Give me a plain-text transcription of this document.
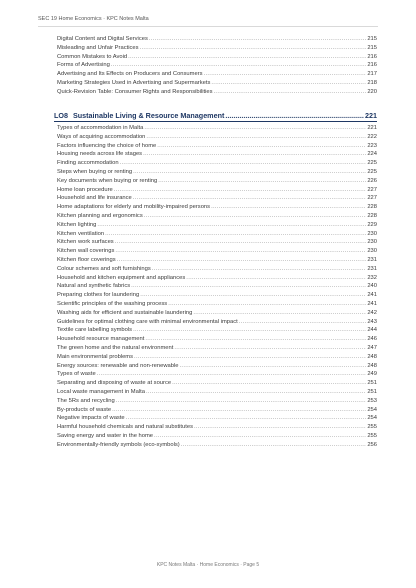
SEC 19 Home Economics · KPC Notes Malta
Digital Content and Digital Services .....	215
Misleading and Unfair Practices .....	215
Common Mistakes to Avoid .....	216
Forms of Advertising .....	216
Advertising and Its Effects on Producers and Consumers .....	217
Marketing Strategies Used in Advertising and Supermarkets .....	218
Quick-Revision Table: Consumer Rights and Responsibilities .....	220
LO8 Sustainable Living & Resource Management .....	221
Types of accommodation in Malta .....	221
Ways of acquiring accommodation .....	222
Factors influencing the choice of home .....	223
Housing needs across life stages .....	224
Finding accommodation .....	225
Steps when buying or renting .....	225
Key documents when buying or renting .....	226
Home loan procedure .....	227
Household and life insurance .....	227
Home adaptations for elderly and mobility-impaired persons .....	228
Kitchen planning and ergonomics .....	228
Kitchen lighting .....	229
Kitchen ventilation .....	230
Kitchen work surfaces .....	230
Kitchen wall coverings .....	230
Kitchen floor coverings .....	231
Colour schemes and soft furnishings .....	231
Household and kitchen equipment and appliances .....	232
Natural and synthetic fabrics .....	240
Preparing clothes for laundering .....	241
Scientific principles of the washing process .....	241
Washing aids for efficient and sustainable laundering .....	242
Guidelines for optimal clothing care with minimal environmental impact .....	243
Textile care labelling symbols .....	244
Household resource management .....	246
The green home and the natural environment .....	247
Main environmental problems .....	248
Energy sources: renewable and non-renewable .....	248
Types of waste .....	249
Separating and disposing of waste at source .....	251
Local waste management in Malta .....	251
The 5Rs and recycling .....	253
By-products of waste .....	254
Negative impacts of waste .....	254
Harmful household chemicals and natural substitutes .....	255
Saving energy and water in the home .....	255
Environmentally-friendly symbols (eco-symbols) .....	256
KPC Notes Malta · Home Economics · Page 5
